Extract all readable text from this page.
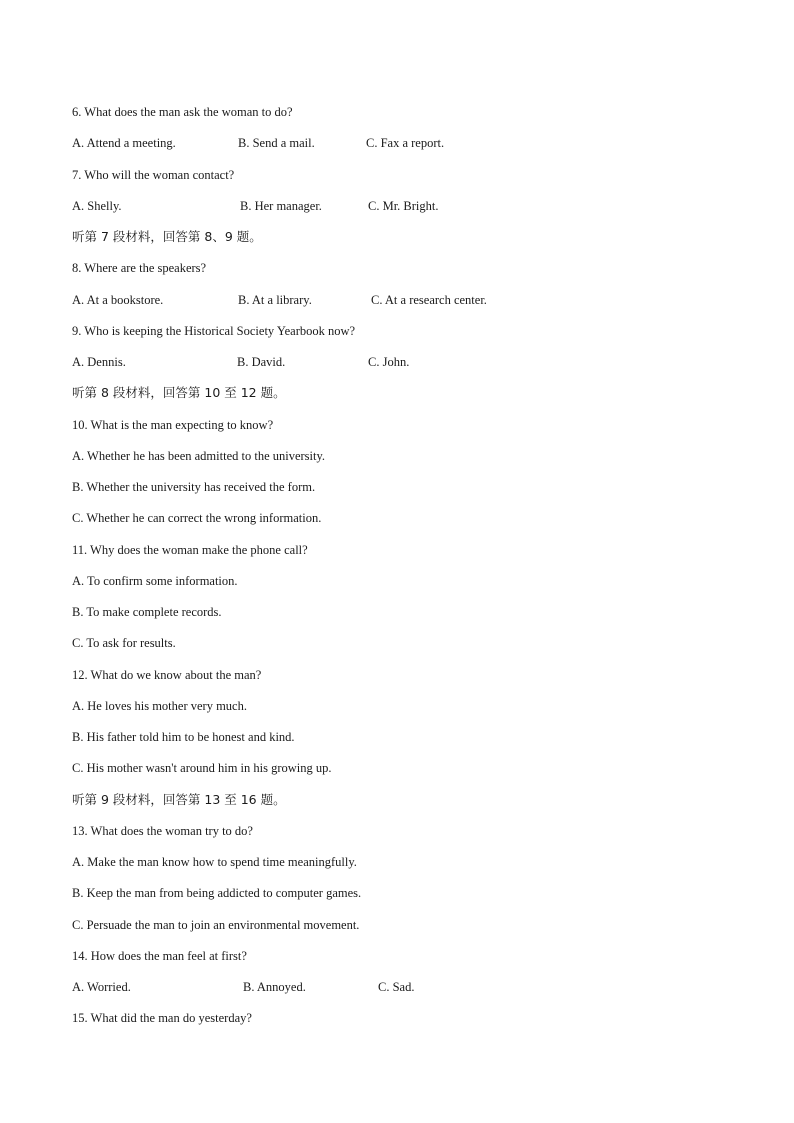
6. What does the man ask the woman to do?
A. Attend a meeting.	B. Send a mail.	C. Fax a report.
7. Who will the woman contact?
A. Shelly.	B. Her manager.	C. Mr. Bright.
听第 7 段材料，回答第 8、9 题。
8. Where are the speakers?
A. At a bookstore.	B. At a library.	C. At a research center.
9. Who is keeping the Historical Society Yearbook now?
A. Dennis.	B. David.	C. John.
听第 8 段材料，回答第 10 至 12 题。
10. What is the man expecting to know?
A. Whether he has been admitted to the university.
B. Whether the university has received the form.
C. Whether he can correct the wrong information.
11. Why does the woman make the phone call?
A. To confirm some information.
B. To make complete records.
C. To ask for results.
12. What do we know about the man?
A. He loves his mother very much.
B. His father told him to be honest and kind.
C. His mother wasn't around him in his growing up.
听第 9 段材料，回答第 13 至 16 题。
13. What does the woman try to do?
A. Make the man know how to spend time meaningfully.
B. Keep the man from being addicted to computer games.
C. Persuade the man to join an environmental movement.
14. How does the man feel at first?
A. Worried.	B. Annoyed.	C. Sad.
15. What did the man do yesterday?
